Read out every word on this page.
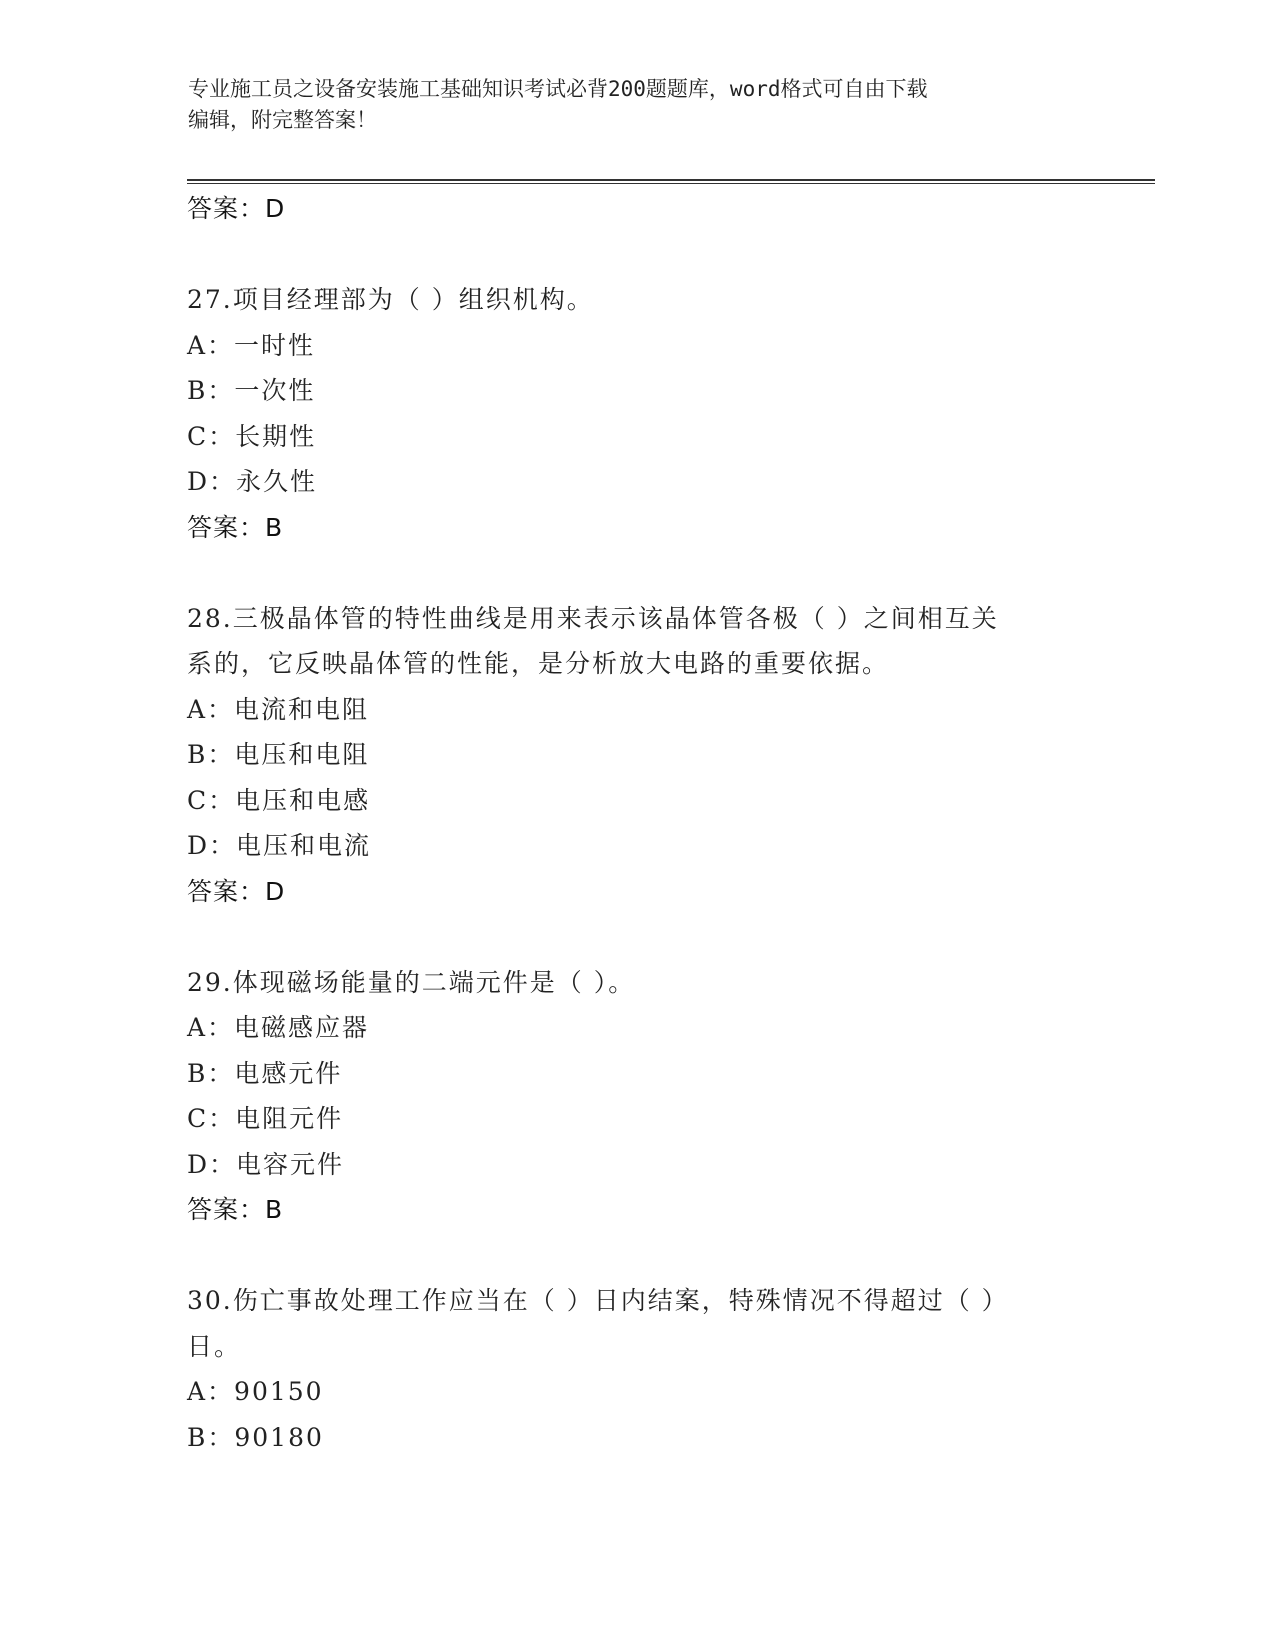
专业施工员之设备安装施工基础知识考试必背200题题库，word格式可自由下载
编辑，附完整答案！
答案：D
27.项目经理部为（ ）组织机构。
A：一时性
B：一次性
C：长期性
D：永久性
答案：B
28.三极晶体管的特性曲线是用来表示该晶体管各极（ ）之间相互关
系的，它反映晶体管的性能，是分析放大电路的重要依据。
A：电流和电阻
B：电压和电阻
C：电压和电感
D：电压和电流
答案：D
29.体现磁场能量的二端元件是（ ）。
A：电磁感应器
B：电感元件
C：电阻元件
D：电容元件
答案：B
30.伤亡事故处理工作应当在（ ）日内结案，特殊情况不得超过（ ）
日。
A：90150
B：90180
